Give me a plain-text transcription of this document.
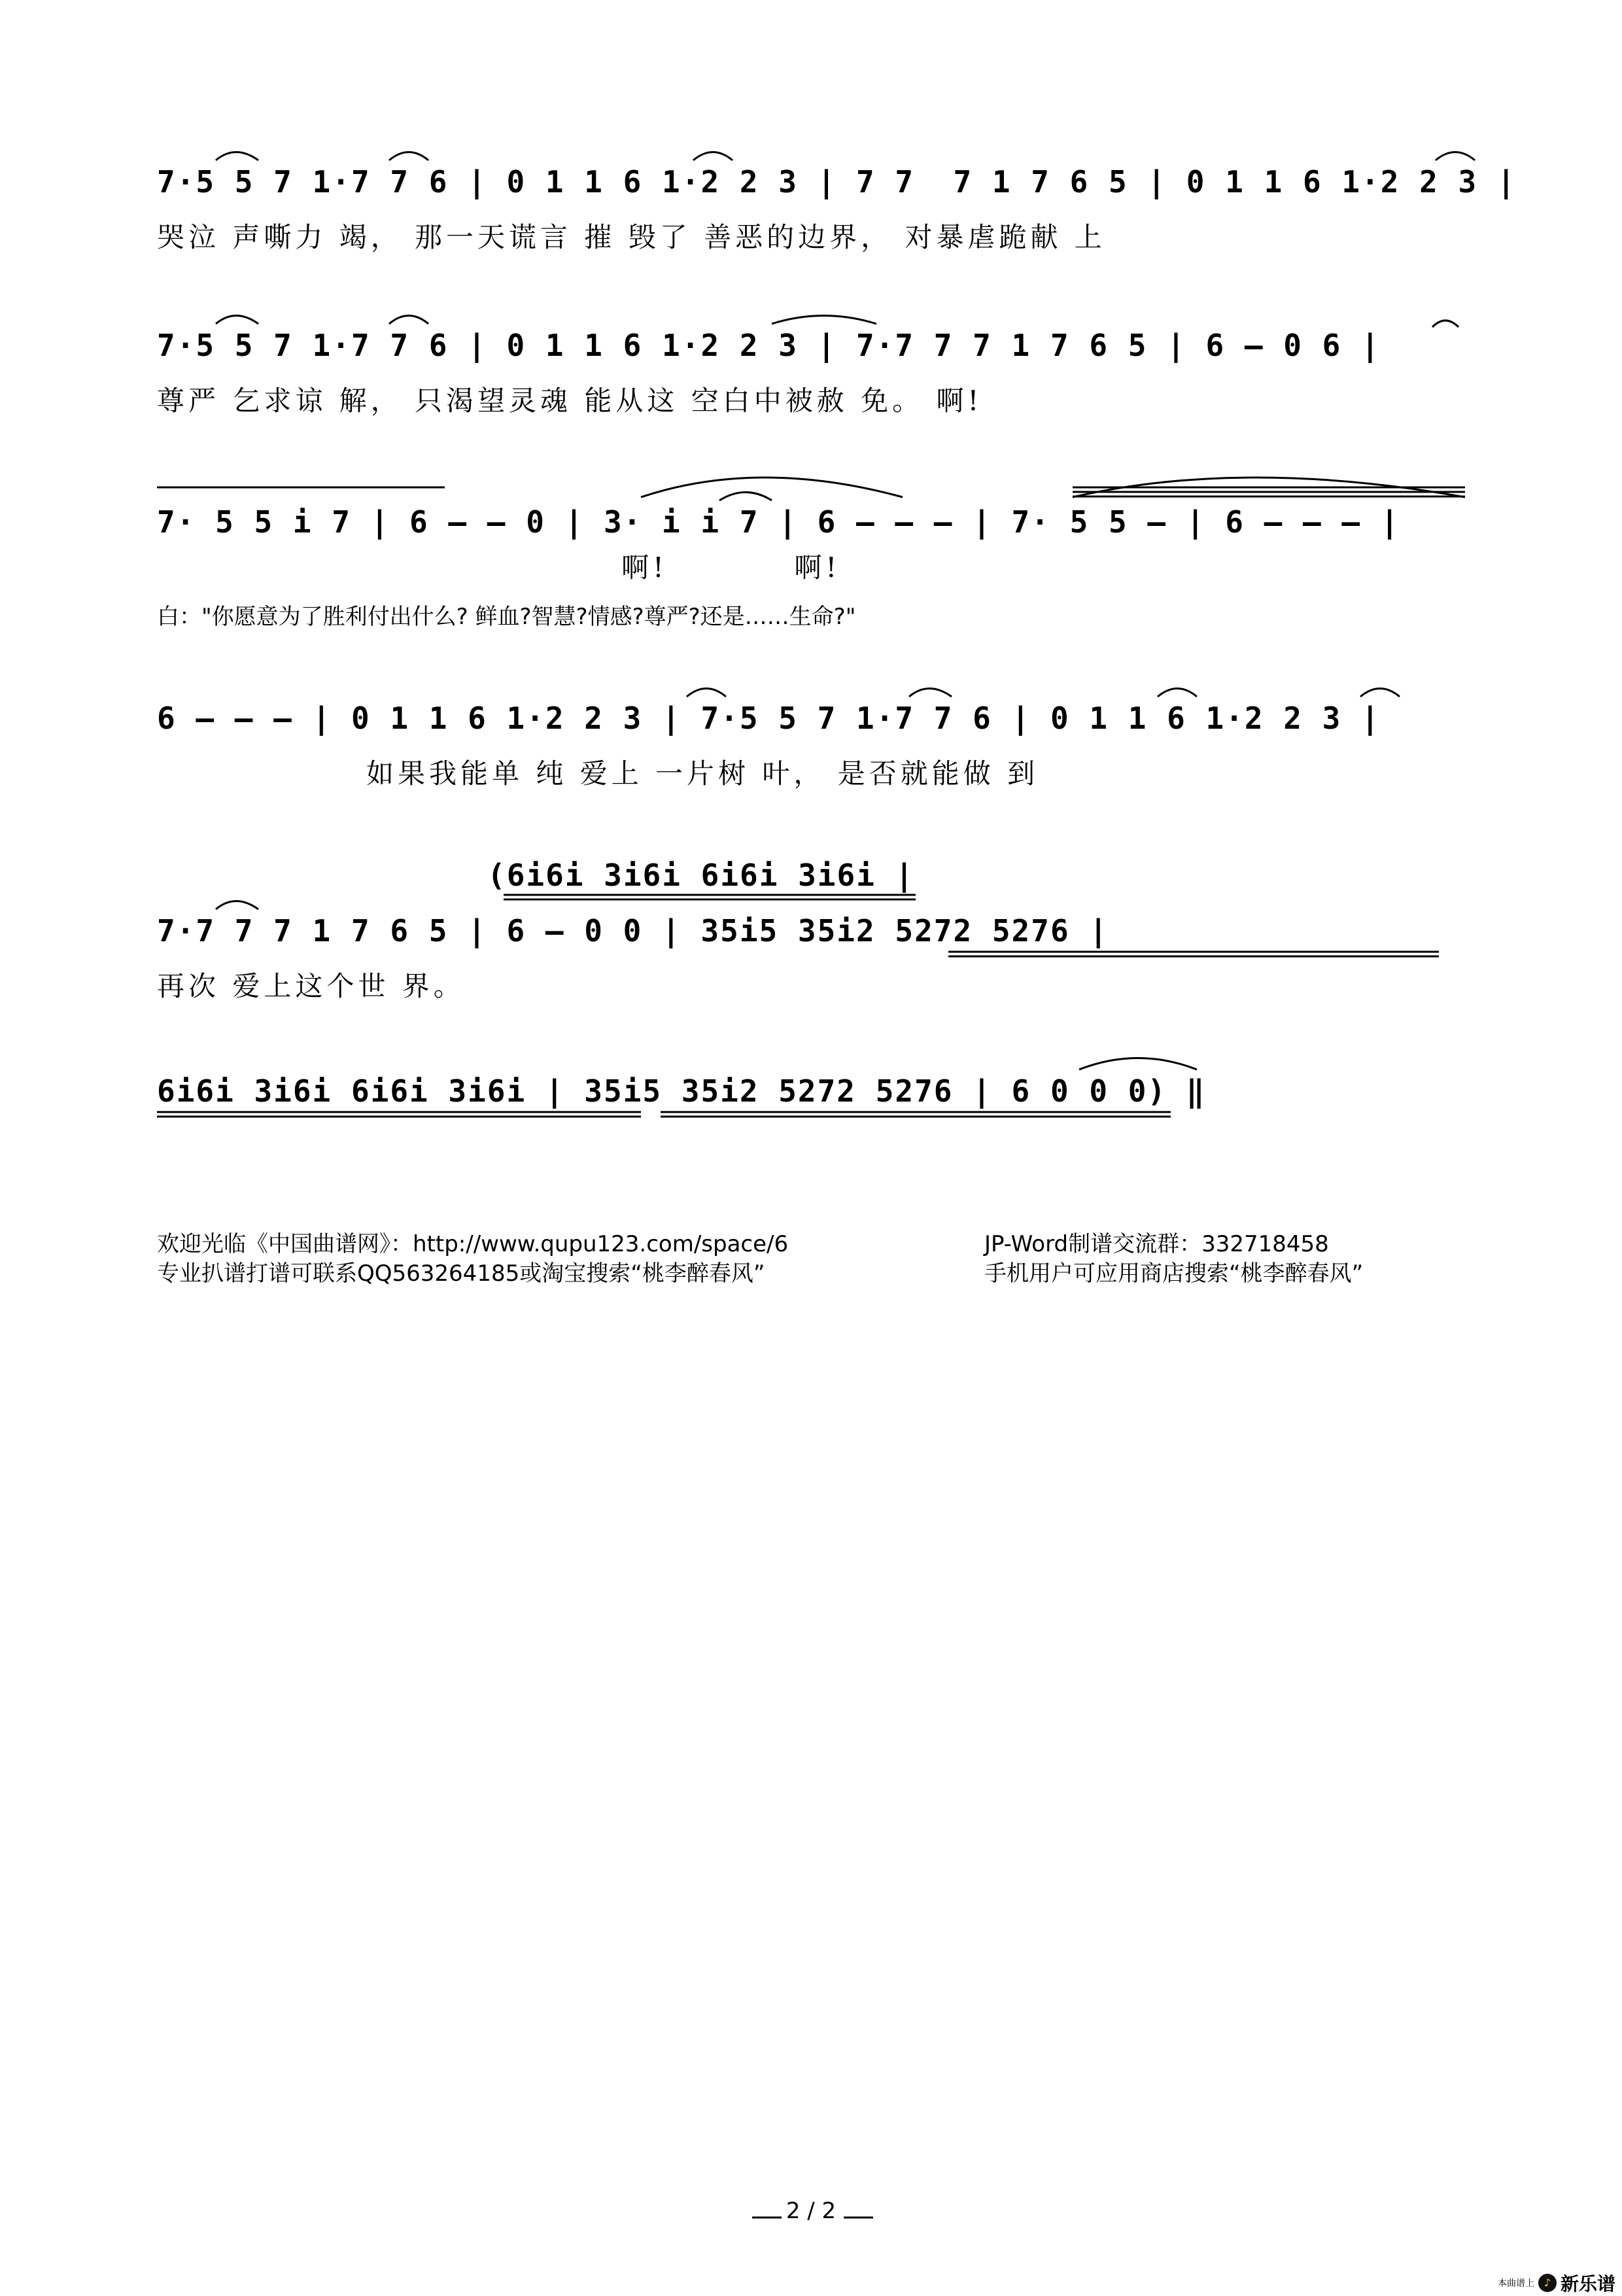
7·5 5 7 1·7 7 6 | 0 1 1 6 1·2 2 3 | 7 7  7 1 7 6 5 | 0 1 1 6 1·2 2 3 |
哭泣 声嘶力 竭， 那一天谎言 摧 毁了 善恶的边界， 对暴虐跪献 上
7·5 5 7 1·7 7 6 | 0 1 1 6 1·2 2 3 | 7·7 7 7 1 7 6 5 | 6 – 0 6 |
尊严 乞求谅 解， 只渴望灵魂 能从这 空白中被赦 免。 啊!
7· 5 5 i 7 | 6 – – 0 | 3· i i 7 | 6 – – – | 7· 5 5 – | 6 – – – |
啊!          啊!
白："你愿意为了胜利付出什么? 鲜血?智慧?情感?尊严?还是……生命?"
6 – – – | 0 1 1 6 1·2 2 3 | 7·5 5 7 1·7 7 6 | 0 1 1 6 1·2 2 3 |
如果我能单 纯 爱上 一片树 叶， 是否就能做 到
(6i6i 3i6i 6i6i 3i6i |
7·7 7 7 1 7 6 5 | 6 – 0 0 | 35i5 35i2 5272 5276 |
再次 爱上这个世 界。
6i6i 3i6i 6i6i 3i6i | 35i5 35i2 5272 5276 | 6 0 0 0) ‖
欢迎光临《中国曲谱网》：http://www.qupu123.com/space/6
专业扒谱打谱可联系QQ563264185或淘宝搜索“桃李醉春风”
JP-Word制谱交流群：332718458
手机用户可应用商店搜索“桃李醉春风”
2 / 2
本曲谱上 ♪ 新乐谱
